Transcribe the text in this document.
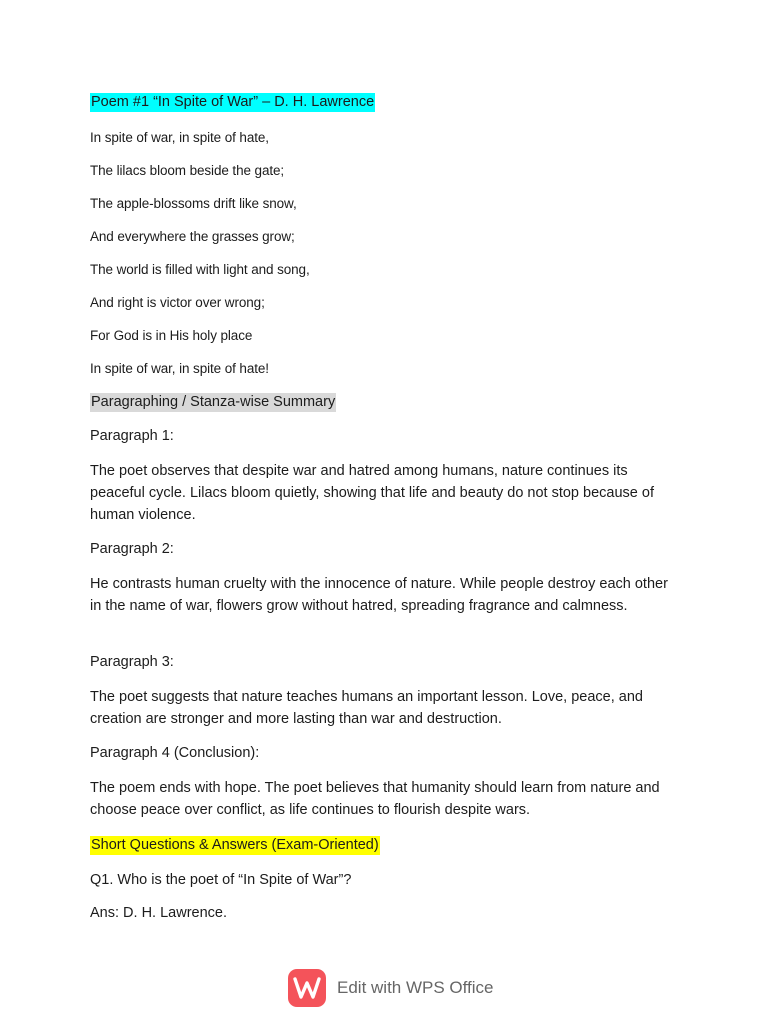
Poem #1 “In Spite of War” – D. H. Lawrence
In spite of war, in spite of hate,
The lilacs bloom beside the gate;
The apple-blossoms drift like snow,
And everywhere the grasses grow;
The world is filled with light and song,
And right is victor over wrong;
For God is in His holy place
In spite of war, in spite of hate!
Paragraphing / Stanza-wise Summary
Paragraph 1:
The poet observes that despite war and hatred among humans, nature continues its peaceful cycle. Lilacs bloom quietly, showing that life and beauty do not stop because of human violence.
Paragraph 2:
He contrasts human cruelty with the innocence of nature. While people destroy each other in the name of war, flowers grow without hatred, spreading fragrance and calmness.
Paragraph 3:
The poet suggests that nature teaches humans an important lesson. Love, peace, and creation are stronger and more lasting than war and destruction.
Paragraph 4 (Conclusion):
The poem ends with hope. The poet believes that humanity should learn from nature and choose peace over conflict, as life continues to flourish despite wars.
Short Questions & Answers (Exam-Oriented)
Q1. Who is the poet of “In Spite of War”?
Ans: D. H. Lawrence.
Edit with WPS Office
